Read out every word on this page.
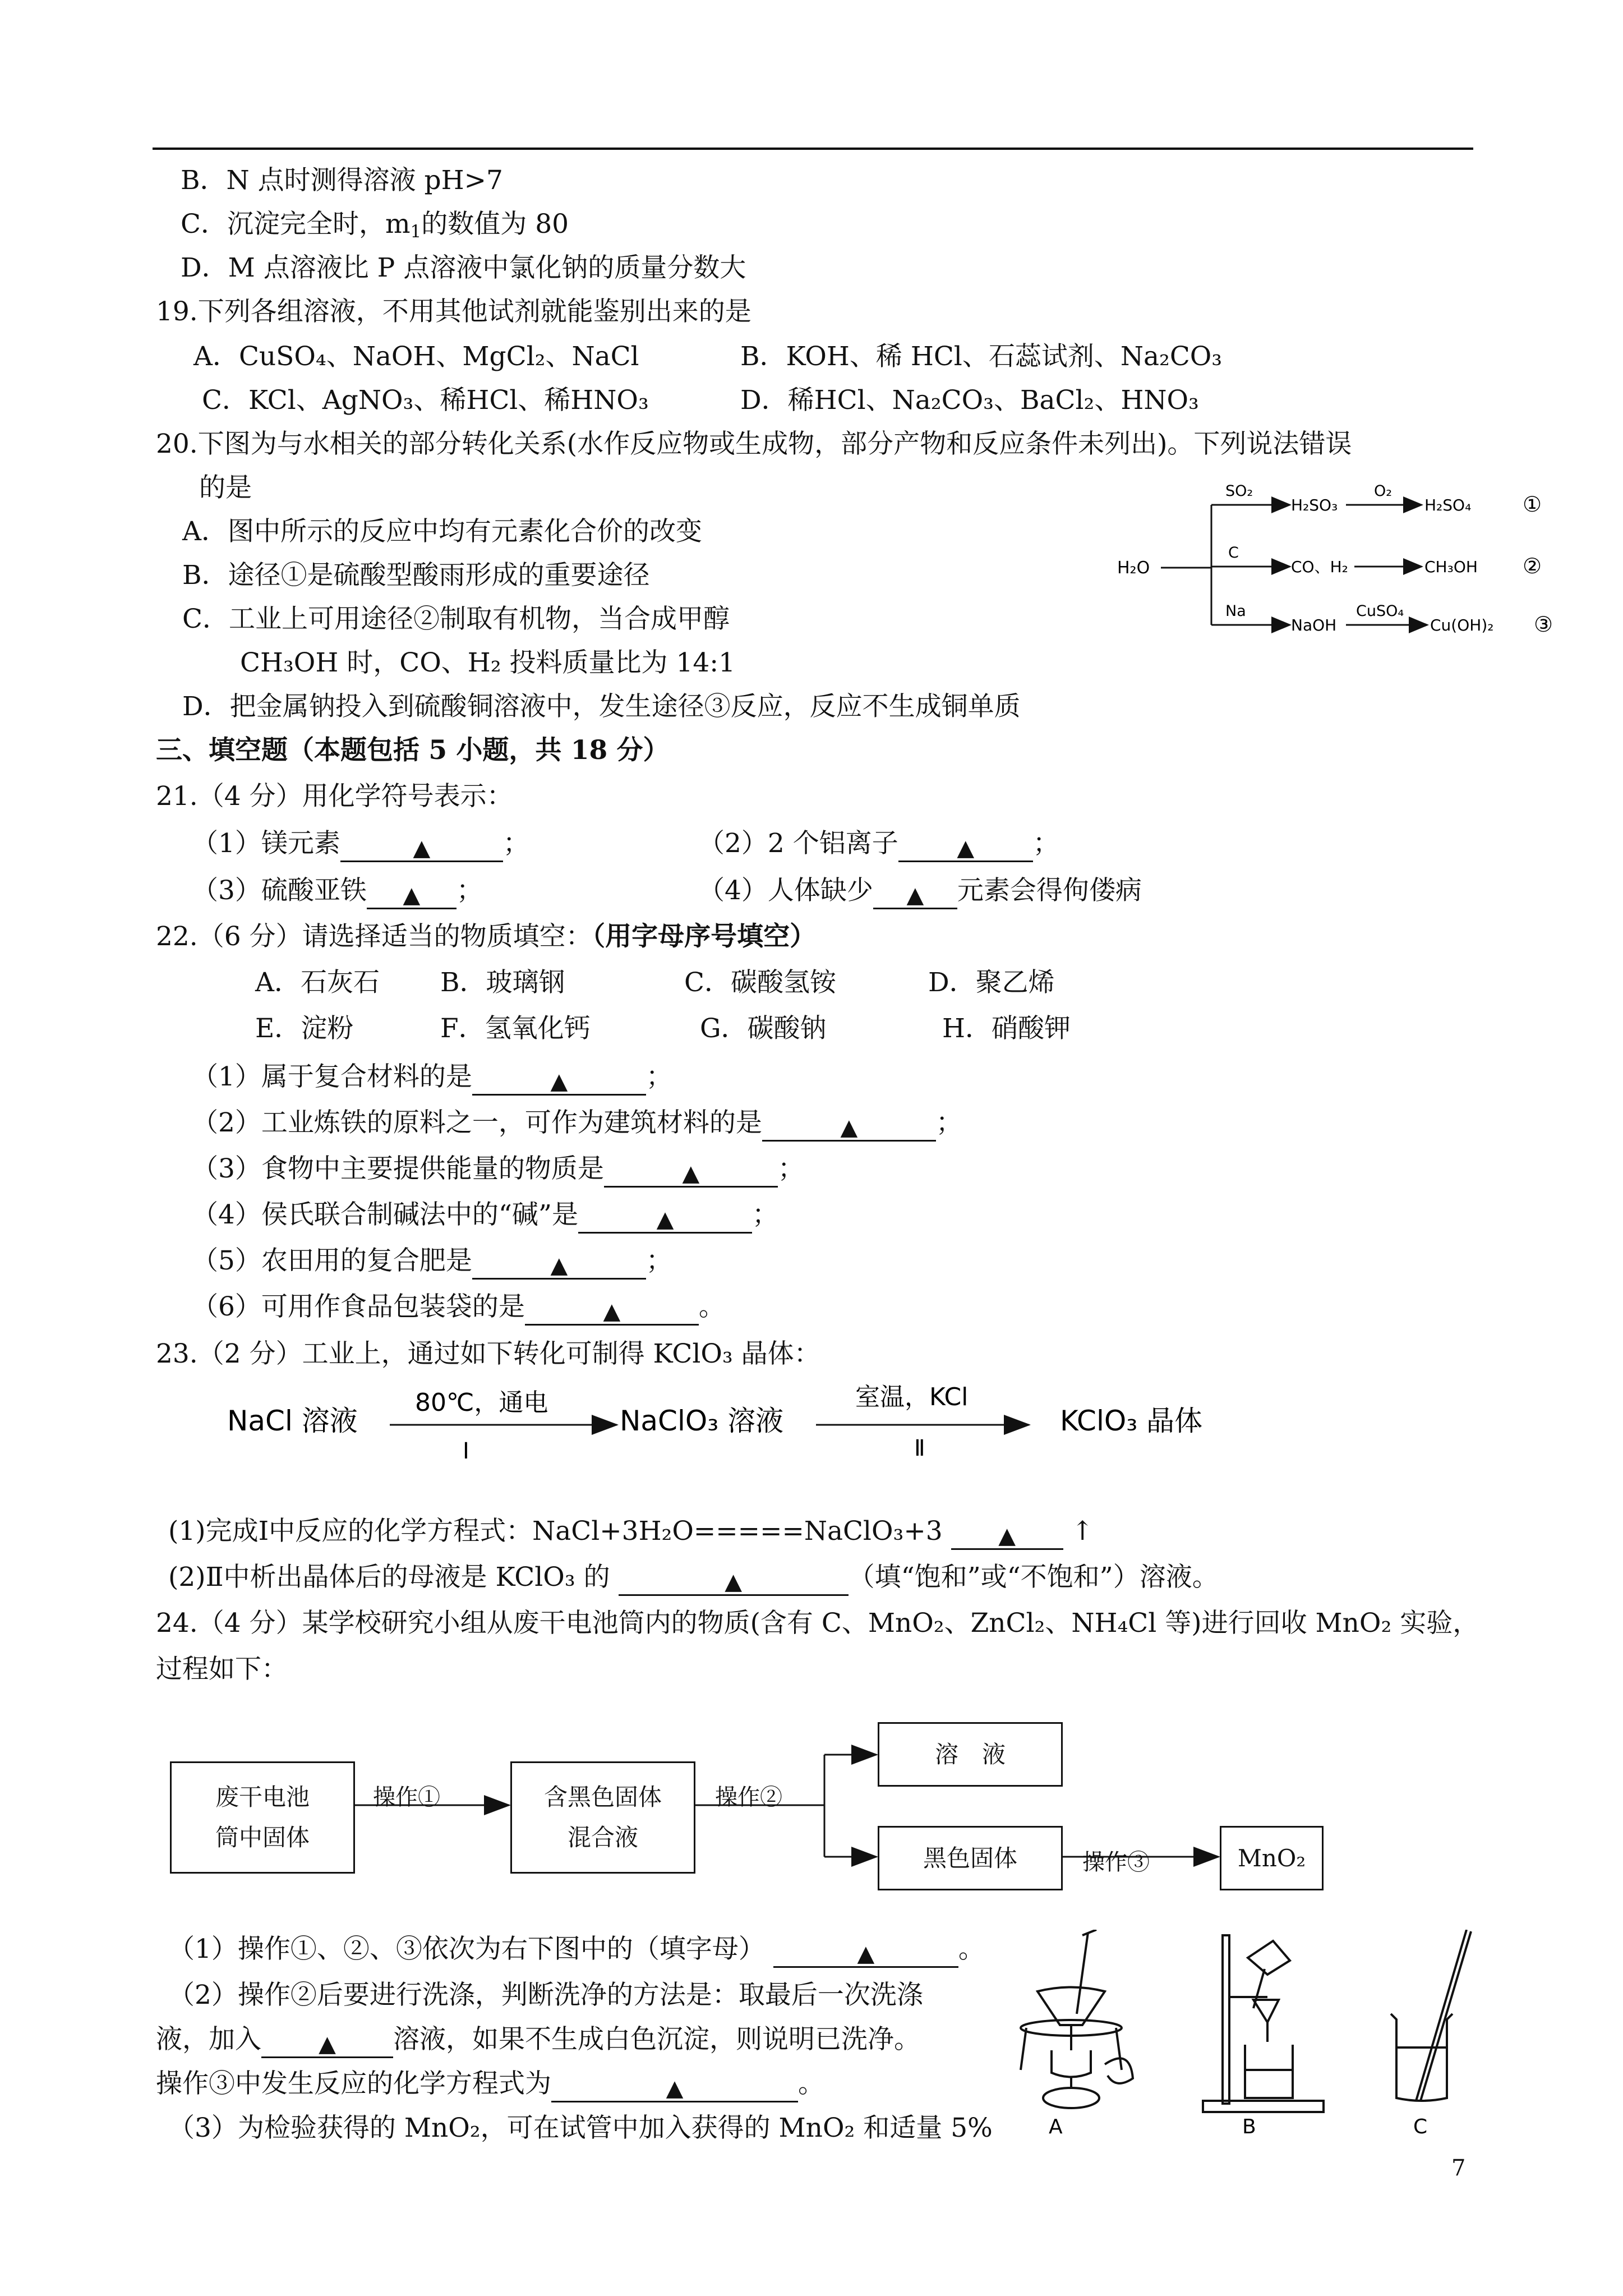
B．N 点时测得溶液 pH>7
C．沉淀完全时，$m_1$的数值为 80
D．M 点溶液比 P 点溶液中氯化钠的质量分数大
19.下列各组溶液，不用其他试剂就能鉴别出来的是
A．CuSO₄、NaOH、MgCl₂、NaCl	B．KOH、稀 HCl、石蕊试剂、Na₂CO₃
C．KCl、AgNO₃、稀HCl、稀HNO₃	D．稀HCl、Na₂CO₃、BaCl₂、HNO₃
20.下图为与水相关的部分转化关系(水作反应物或生成物，部分产物和反应条件未列出)。下列说法错误
的是
A．图中所示的反应中均有元素化合价的改变
B．途径①是硫酸型酸雨形成的重要途径
C．工业上可用途径②制取有机物，当合成甲醇
CH₃OH 时，CO、H₂ 投料质量比为 14:1
D．把金属钠投入到硫酸铜溶液中，发生途径③反应，反应不生成铜单质
H₂O
SO₂
H₂SO₃
O₂
H₂SO₄ ①
C
CO、H₂	CH₃OH ②
Na
NaOH
CuSO₄
Cu(OH)₂ ③
三、填空题（本题包括 5 小题，共 18 分）
21.（4 分）用化学符号表示：
（1）镁元素 ▲	；	（2）2 个铝离子 ▲	；
（3）硫酸亚铁 ▲	；	（4）人体缺少 ▲	元素会得佝偻病
22.（6 分）请选择适当的物质填空：（用字母序号填空）
A．石灰石 B．玻璃钢	C．碳酸氢铵	D．聚乙烯
E．淀粉	F．氢氧化钙	G．碳酸钠	H．硝酸钾
（1）属于复合材料的是 ▲	；
（2）工业炼铁的原料之一，可作为建筑材料的是 ▲	；
（3）食物中主要提供能量的物质是 ▲	；
（4）侯氏联合制碱法中的“碱”是 ▲	；
（5）农田用的复合肥是 ▲	；
（6）可用作食品包装袋的是 ▲	。
23.（2 分）工业上，通过如下转化可制得 KClO₃ 晶体：
NaCl 溶液
80℃，通电
Ⅰ
NaClO₃ 溶液
室温，KCl
Ⅱ
KClO₃ 晶体
(1)完成Ⅰ中反应的化学方程式：NaCl+3H₂O=====NaClO₃+3 ▲	↑
(2)Ⅱ中析出晶体后的母液是 KClO₃ 的 ▲	（填“饱和”或“不饱和”）溶液。
24.（4 分）某学校研究小组从废干电池筒内的物质(含有 C、MnO₂、ZnCl₂、NH₄Cl 等)进行回收 MnO₂ 实验，
过程如下：
废干电池
筒中固体
含黑色固体
混合液
溶　液
黑色固体	MnO₂
操作①	操作②
操作③
（1）操作①、②、③依次为右下图中的（填字母） ▲	。
（2）操作②后要进行洗涤，判断洗净的方法是：取最后一次洗涤
液，加入 ▲	溶液，如果不生成白色沉淀，则说明已洗净。
操作③中发生反应的化学方程式为 ▲	。
（3）为检验获得的 MnO₂，可在试管中加入获得的 MnO₂ 和适量 5%	A	B	C
7
